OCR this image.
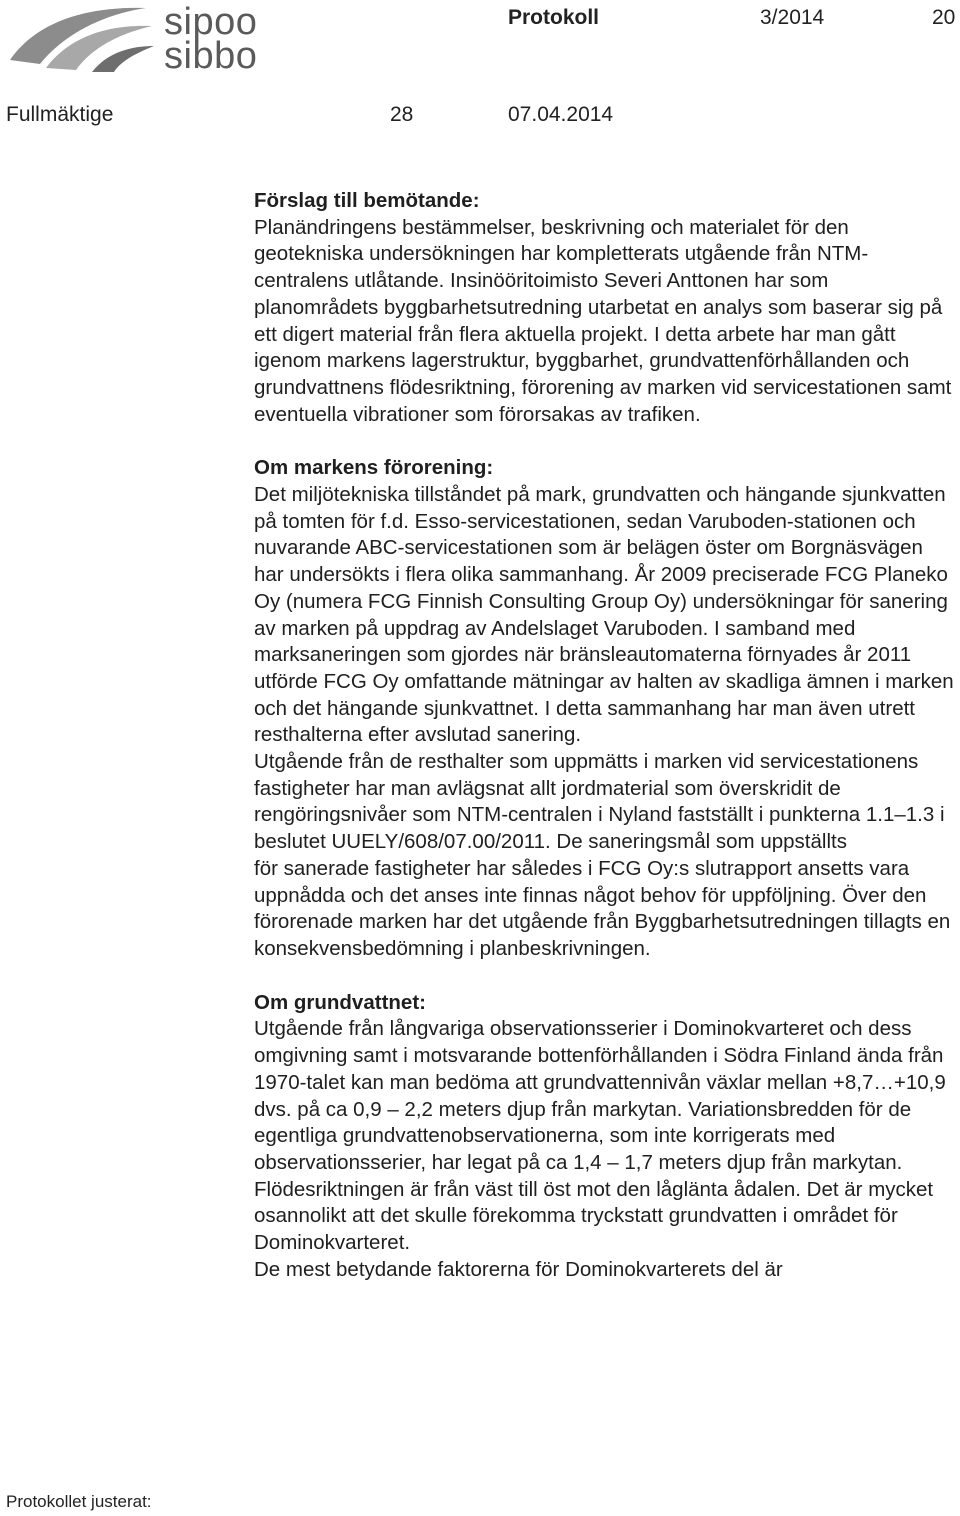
sipoo
sibbo
Protokoll	3/2014	20
Fullmäktige	28	07.04.2014
Förslag till bemötande:

Planändringens bestämmelser, beskrivning och materialet för den geotekniska undersökningen har kompletterats utgående från NTM-centralens utlåtande. Insinööritoimisto Severi Anttonen har som planområdets byggbarhetsutredning utarbetat en analys som baserar sig på ett digert material från flera aktuella projekt. I detta arbete har man gått igenom markens lagerstruktur, byggbarhet, grundvattenförhållanden och grundvattnens flödesriktning, förorening av marken vid servicestationen samt eventuella vibrationer som förorsakas av trafiken.

Om markens förorening:

Det miljötekniska tillståndet på mark, grundvatten och hängande sjunkvatten på tomten för f.d. Esso-servicestationen, sedan Varuboden-stationen och nuvarande ABC-servicestationen som är belägen öster om Borgnäsvägen har undersökts i flera olika sammanhang. År 2009 preciserade FCG Planeko Oy (numera FCG Finnish Consulting Group Oy) undersökningar för sanering av marken på uppdrag av Andelslaget Varuboden. I samband med marksaneringen som gjordes när bränsleautomaterna förnyades år 2011 utförde FCG Oy omfattande mätningar av halten av skadliga ämnen i marken och det hängande sjunkvattnet. I detta sammanhang har man även utrett resthalterna efter avslutad sanering.

Utgående från de resthalter som uppmätts i marken vid servicestationens fastigheter har man avlägsnat allt jordmaterial som överskridit de rengöringsnivåer som NTM-centralen i Nyland fastställt i punkterna 1.1–1.3 i beslutet UUELY/608/07.00/2011. De saneringsmål som uppställts

för sanerade fastigheter har således i FCG Oy:s slutrapport ansetts vara uppnådda och det anses inte finnas något behov för uppföljning. Över den förorenade marken har det utgående från Byggbarhetsutredningen tillagts en konsekvensbedömning i planbeskrivningen.

Om grundvattnet:

Utgående från långvariga observationsserier i Dominokvarteret och dess omgivning samt i motsvarande bottenförhållanden i Södra Finland ända från 1970-talet kan man bedöma att grundvattennivån växlar mellan +8,7…+10,9 dvs. på ca 0,9 – 2,2 meters djup från markytan. Variationsbredden för de egentliga grundvattenobservationerna, som inte korrigerats med observationsserier, har legat på ca 1,4 – 1,7 meters djup från markytan. Flödesriktningen är från väst till öst mot den låglänta ådalen. Det är mycket osannolikt att det skulle förekomma tryckstatt grundvatten i området för Dominokvarteret.

De mest betydande faktorerna för Dominokvarterets del är

Protokollet justerat:
